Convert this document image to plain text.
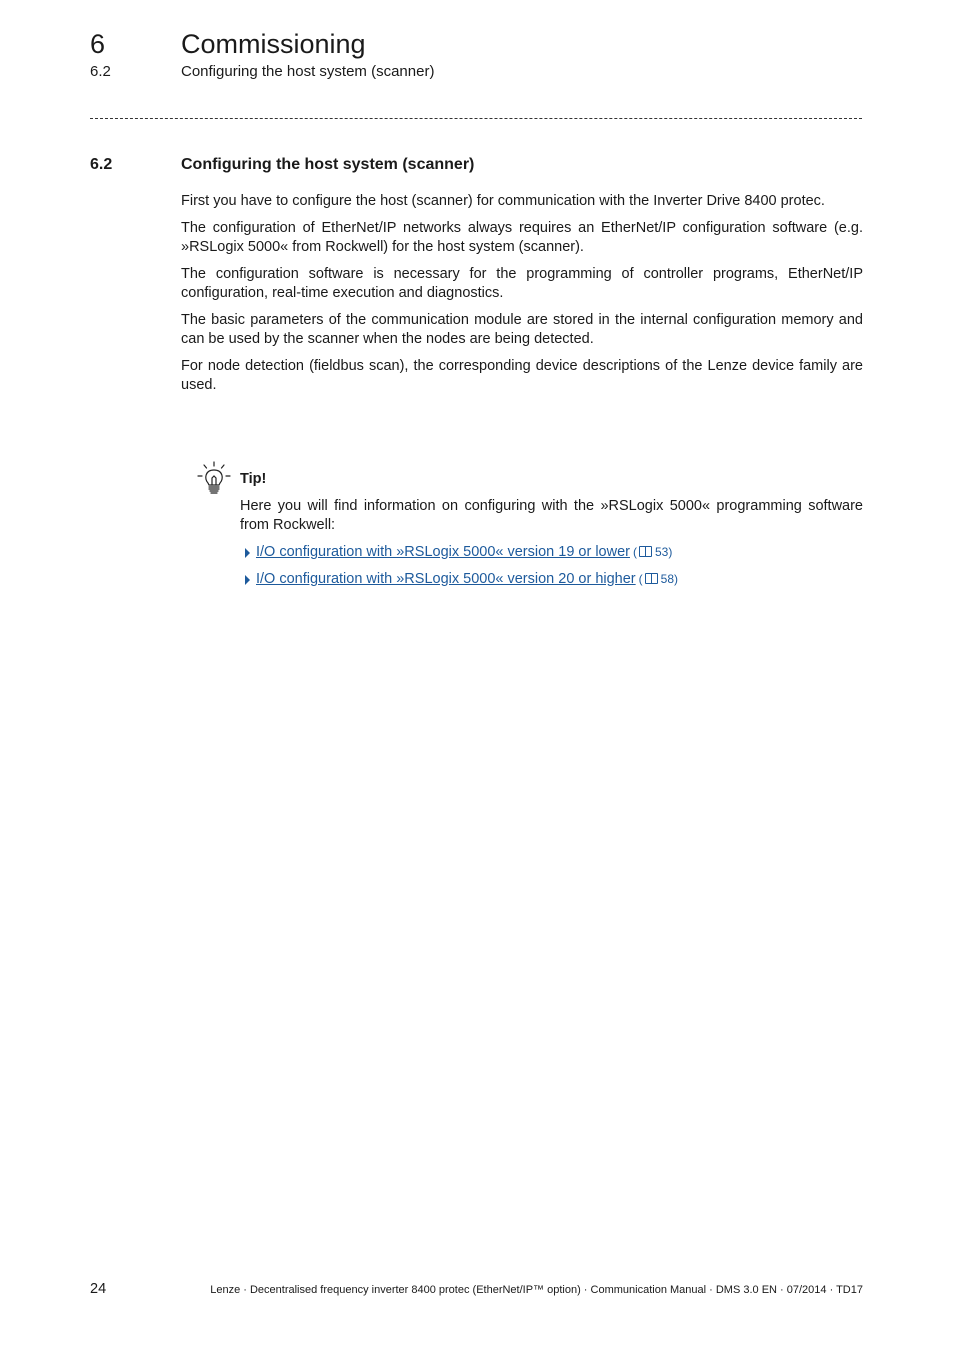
6	Commissioning
6.2	Configuring the host system (scanner)
6.2	Configuring the host system (scanner)

First you have to configure the host (scanner) for communication with the Inverter Drive 8400 protec.

The configuration of EtherNet/IP networks always requires an EtherNet/IP configuration software (e.g. »RSLogix 5000« from Rockwell) for the host system (scanner).

The configuration software is necessary for the programming of controller programs, EtherNet/IP configuration, real-time execution and diagnostics.

The basic parameters of the communication module are stored in the internal configuration memory and can be used by the scanner when the nodes are being detected.

For node detection (fieldbus scan), the corresponding device descriptions of the Lenze device family are used.

Tip!
Here you will find information on configuring with the »RSLogix 5000« programming software from Rockwell:
I/O configuration with »RSLogix 5000« version 19 or lower ( 53)
I/O configuration with »RSLogix 5000« version 20 or higher ( 58)
24	Lenze · Decentralised frequency inverter 8400 protec (EtherNet/IP™ option) · Communication Manual · DMS 3.0 EN · 07/2014 · TD17
